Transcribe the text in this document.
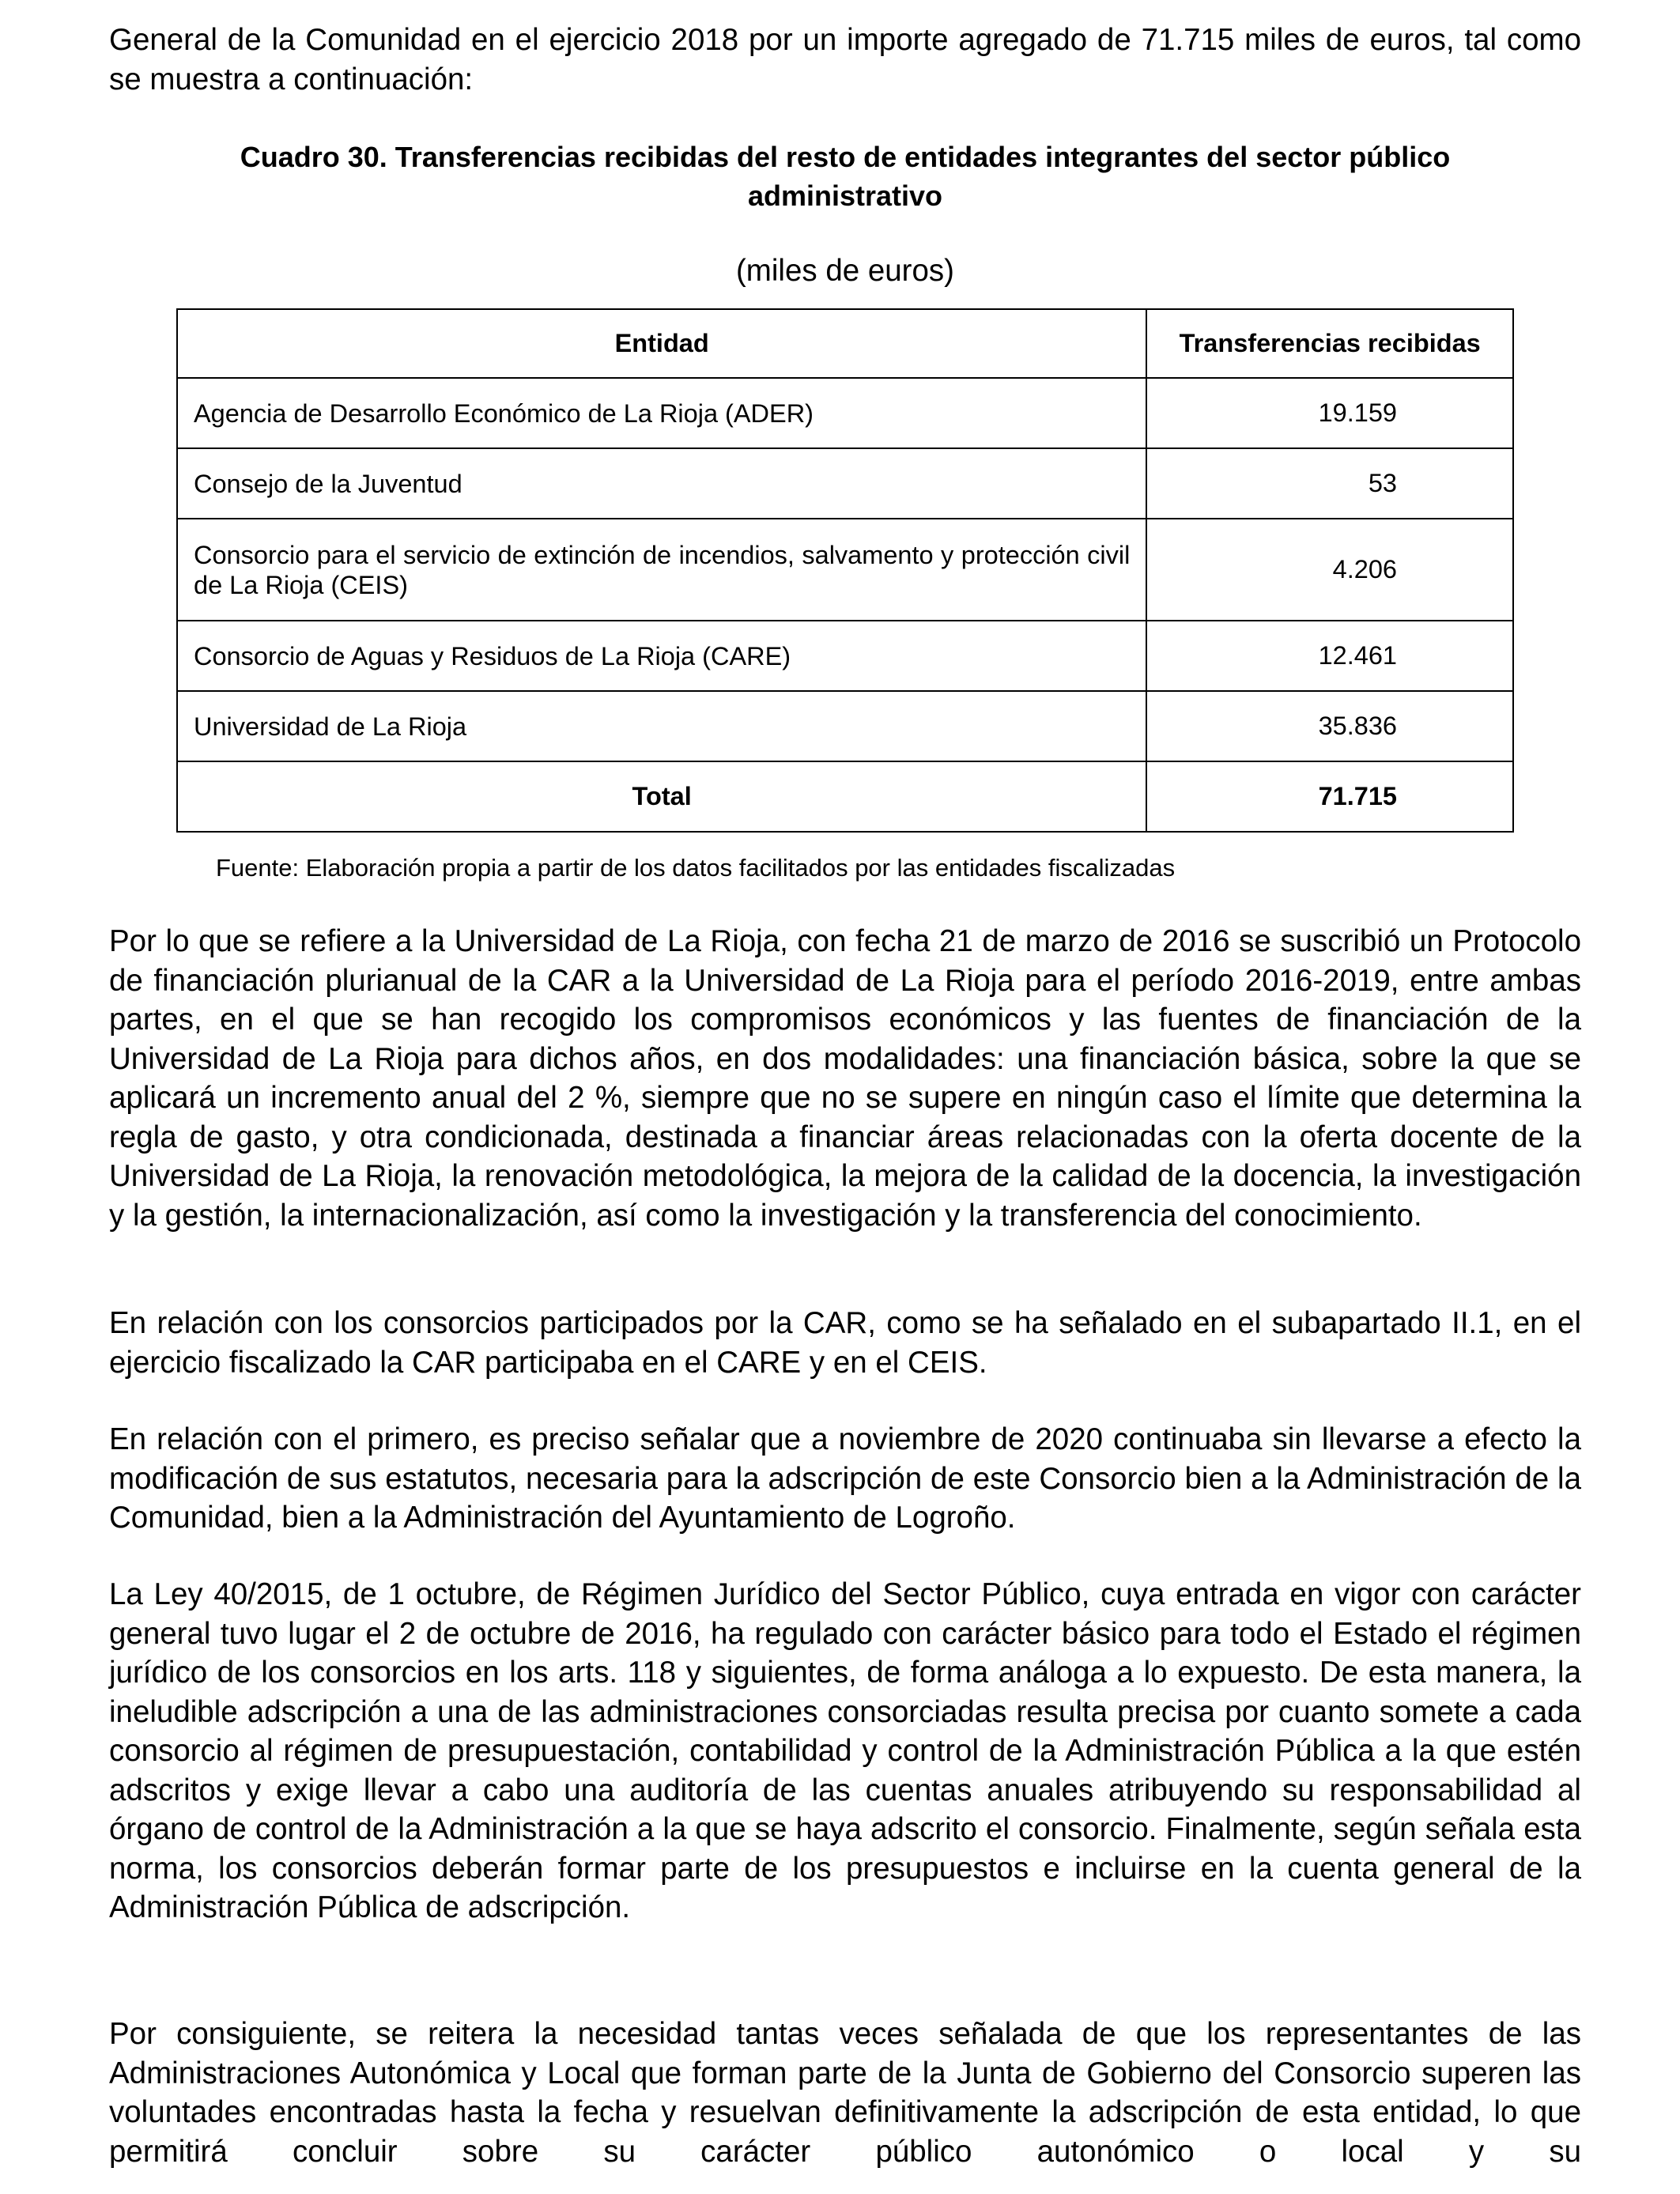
General de la Comunidad en el ejercicio 2018 por un importe agregado de 71.715 miles de euros, tal como se muestra a continuación:

Cuadro 30. Transferencias recibidas del resto de entidades integrantes del sector público administrativo

(miles de euros)
Entidad	Transferencias recibidas
Agencia de Desarrollo Económico de La Rioja (ADER)	19.159
Consejo de la Juventud	53
Consorcio para el servicio de extinción de incendios, salvamento y protección civil de La Rioja (CEIS)	4.206
Consorcio de Aguas y Residuos de La Rioja (CARE)	12.461
Universidad de La Rioja	35.836
Total	71.715
Fuente: Elaboración propia a partir de los datos facilitados por las entidades fiscalizadas

Por lo que se refiere a la Universidad de La Rioja, con fecha 21 de marzo de 2016 se suscribió un Protocolo de financiación plurianual de la CAR a la Universidad de La Rioja para el período 2016-2019, entre ambas partes, en el que se han recogido los compromisos económicos y las fuentes de financiación de la Universidad de La Rioja para dichos años, en dos modalidades: una financiación básica, sobre la que se aplicará un incremento anual del 2 %, siempre que no se supere en ningún caso el límite que determina la regla de gasto, y otra condicionada, destinada a financiar áreas relacionadas con la oferta docente de la Universidad de La Rioja, la renovación metodológica, la mejora de la calidad de la docencia, la investigación y la gestión, la internacionalización, así como la investigación y la transferencia del conocimiento.

En relación con los consorcios participados por la CAR, como se ha señalado en el subapartado II.1, en el ejercicio fiscalizado la CAR participaba en el CARE y en el CEIS.

En relación con el primero, es preciso señalar que a noviembre de 2020 continuaba sin llevarse a efecto la modificación de sus estatutos, necesaria para la adscripción de este Consorcio bien a la Administración de la Comunidad, bien a la Administración del Ayuntamiento de Logroño.

La Ley 40/2015, de 1 octubre, de Régimen Jurídico del Sector Público, cuya entrada en vigor con carácter general tuvo lugar el 2 de octubre de 2016, ha regulado con carácter básico para todo el Estado el régimen jurídico de los consorcios en los arts. 118 y siguientes, de forma análoga a lo expuesto. De esta manera, la ineludible adscripción a una de las administraciones consorciadas resulta precisa por cuanto somete a cada consorcio al régimen de presupuestación, contabilidad y control de la Administración Pública a la que estén adscritos y exige llevar a cabo una auditoría de las cuentas anuales atribuyendo su responsabilidad al órgano de control de la Administración a la que se haya adscrito el consorcio. Finalmente, según señala esta norma, los consorcios deberán formar parte de los presupuestos e incluirse en la cuenta general de la Administración Pública de adscripción.

Por consiguiente, se reitera la necesidad tantas veces señalada de que los representantes de las Administraciones Autonómica y Local que forman parte de la Junta de Gobierno del Consorcio superen las voluntades encontradas hasta la fecha y resuelvan definitivamente la adscripción de esta entidad, lo que permitirá concluir sobre su carácter público autonómico o local y su
